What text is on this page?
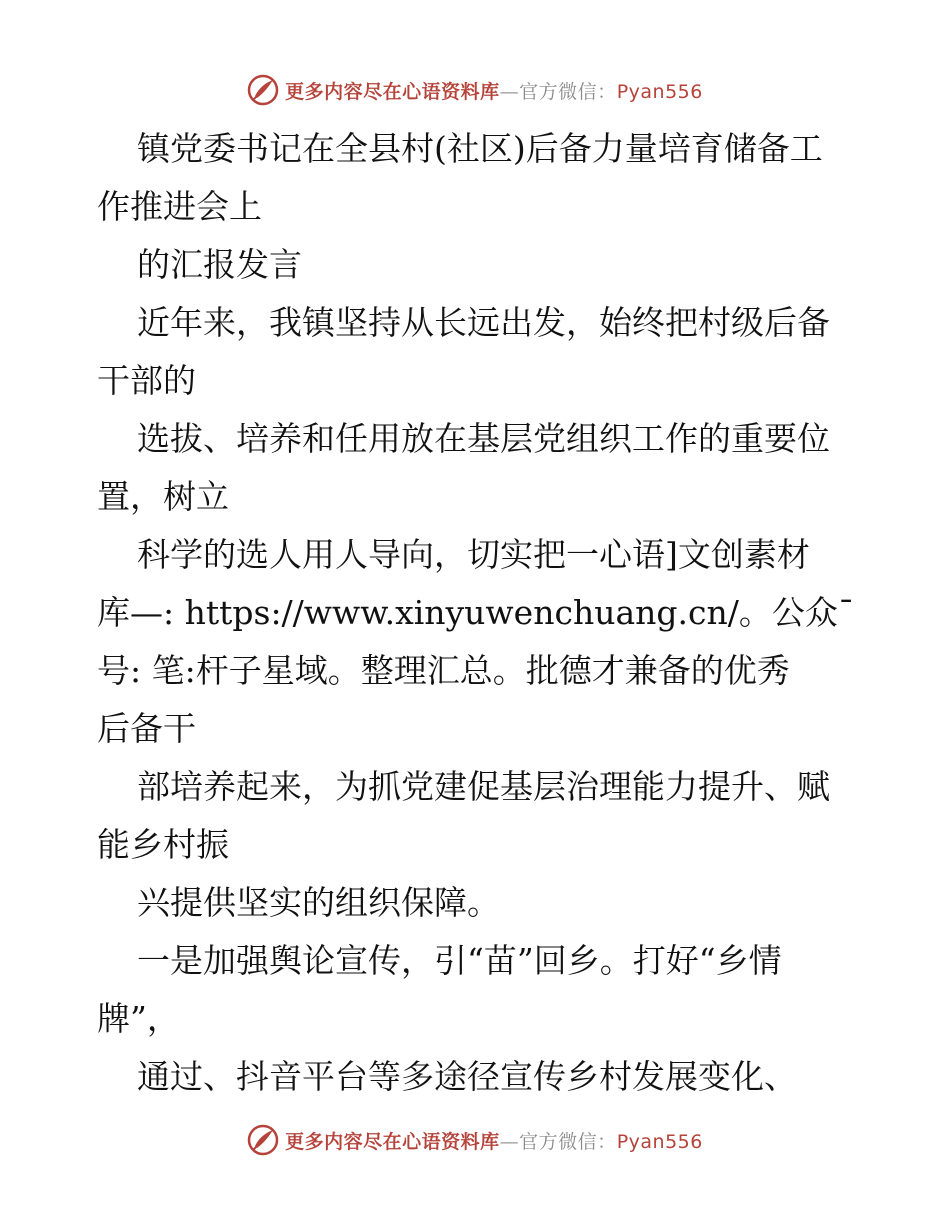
更多内容尽在心语资料库—官方微信：Pyan556

镇党委书记在全县村(社区)后备力量培育储备工

作推进会上

的汇报发言

近年来，我镇坚持从长远出发，始终把村级后备

干部的

选拔、培养和任用放在基层党组织工作的重要位

置，树立

科学的选人用人导向，切实把一心语]文创素材

库—: https://www.xinyuwenchuang.cn/。公众¯

号: 笔:杆子星域。整理汇总。批德才兼备的优秀

后备干

部培养起来，为抓党建促基层治理能力提升、赋

能乡村振

兴提供坚实的组织保障。

一是加强舆论宣传，引“苗”回乡。打好“乡情

牌”，

通过、抖音平台等多途径宣传乡村发展变化、

更多内容尽在心语资料库—官方微信：Pyan556
